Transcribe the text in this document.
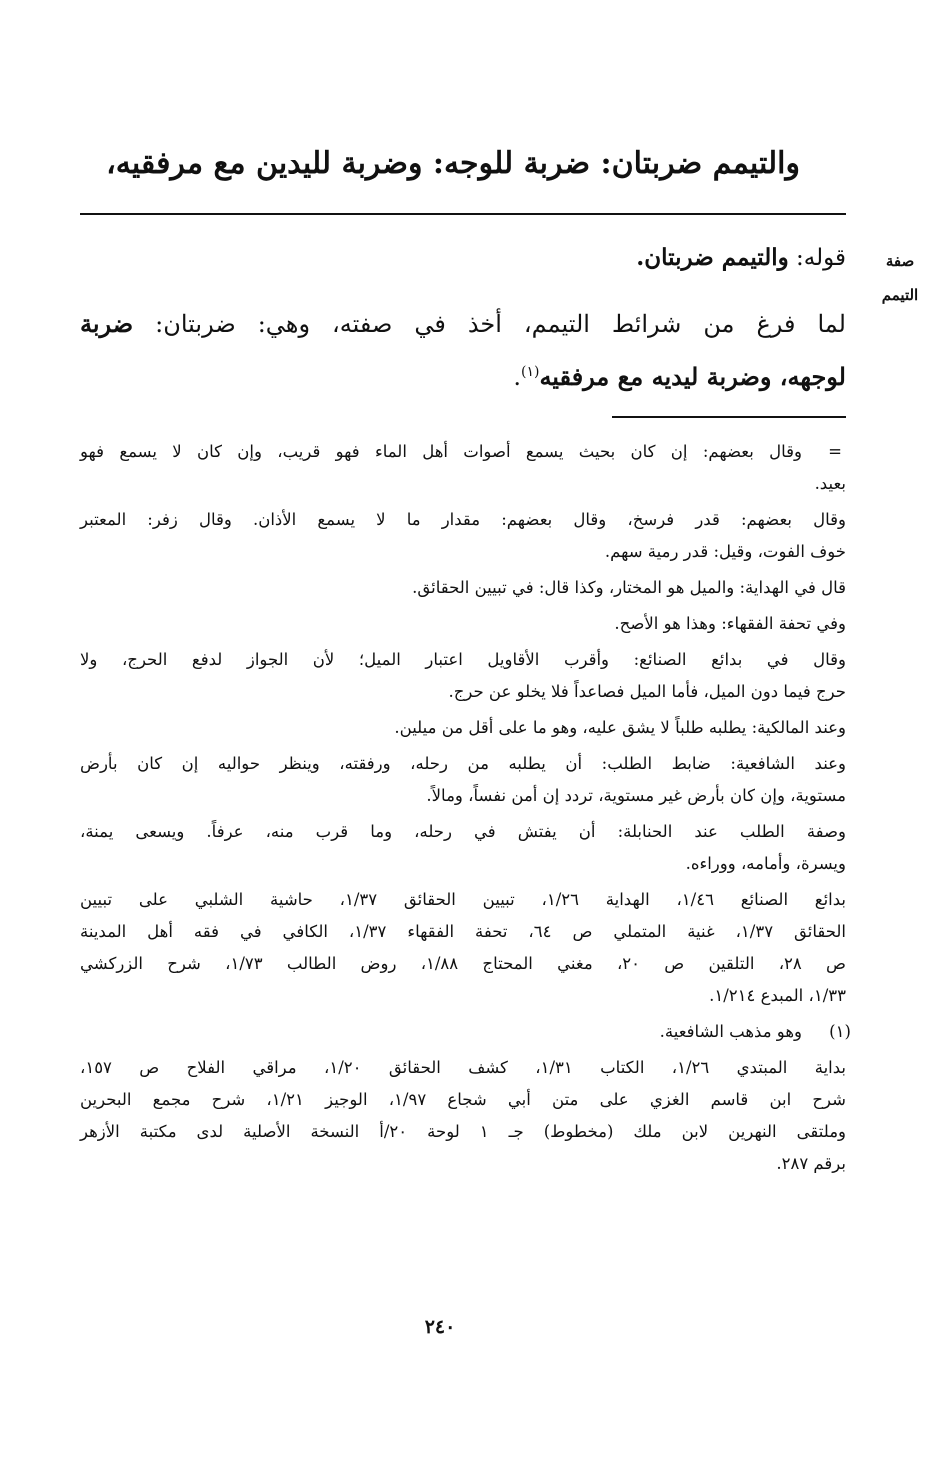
والتيمم ضربتان: ضربة للوجه: وضربة لليدين مع مرفقيه،
صفة
التيمم
قوله: والتيمم ضربتان.
لما فرغ من شرائط التيمم، أخذ في صفته، وهي: ضربتان: ضربة
لوجهه، وضربة ليديه مع مرفقيه$^{(١)}$.
=
وقال بعضهم: إن كان بحيث يسمع أصوات أهل الماء فهو قريب، وإن كان لا يسمع فهو
بعيد.
وقال بعضهم: قدر فرسخ، وقال بعضهم: مقدار ما لا يسمع الأذان. وقال زفر: المعتبر
خوف الفوت، وقيل: قدر رمية سهم.
قال في الهداية: والميل هو المختار، وكذا قال: في تبيين الحقائق.
وفي تحفة الفقهاء: وهذا هو الأصح.
وقال في بدائع الصنائع: وأقرب الأقاويل اعتبار الميل؛ لأن الجواز لدفع الحرج، ولا
حرج فيما دون الميل، فأما الميل فصاعداً فلا يخلو عن حرج.
وعند المالكية: يطلبه طلباً لا يشق عليه، وهو ما على أقل من ميلين.
وعند الشافعية: ضابط الطلب: أن يطلبه من رحله، ورفقته، وينظر حواليه إن كان بأرض
مستوية، وإن كان بأرض غير مستوية، تردد إن أمن نفساً، ومالاً.
وصفة الطلب عند الحنابلة: أن يفتش في رحله، وما قرب منه، عرفاً. ويسعى يمنة،
ويسرة، وأمامه، ووراءه.
بدائع الصنائع ١/٤٦، الهداية ١/٢٦، تبيين الحقائق ١/٣٧، حاشية الشلبي على تبيين
الحقائق ١/٣٧، غنية المتملي ص ٦٤، تحفة الفقهاء ١/٣٧، الكافي في فقه أهل المدينة
ص ٢٨، التلقين ص ٢٠، مغني المحتاج ١/٨٨، روض الطالب ١/٧٣، شرح الزركشي
١/٣٣، المبدع ١/٢١٤.
(١)
وهو مذهب الشافعية.
بداية المبتدي ١/٢٦، الكتاب ١/٣١، كشف الحقائق ١/٢٠، مراقي الفلاح ص ١٥٧،
شرح ابن قاسم الغزي على متن أبي شجاع ١/٩٧، الوجيز ١/٢١، شرح مجمع البحرين
وملتقى النهرين لابن ملك (مخطوط) جـ ١ لوحة ٢٠/أ النسخة الأصلية لدى مكتبة الأزهر
برقم ٢٨٧.
٢٤٠
